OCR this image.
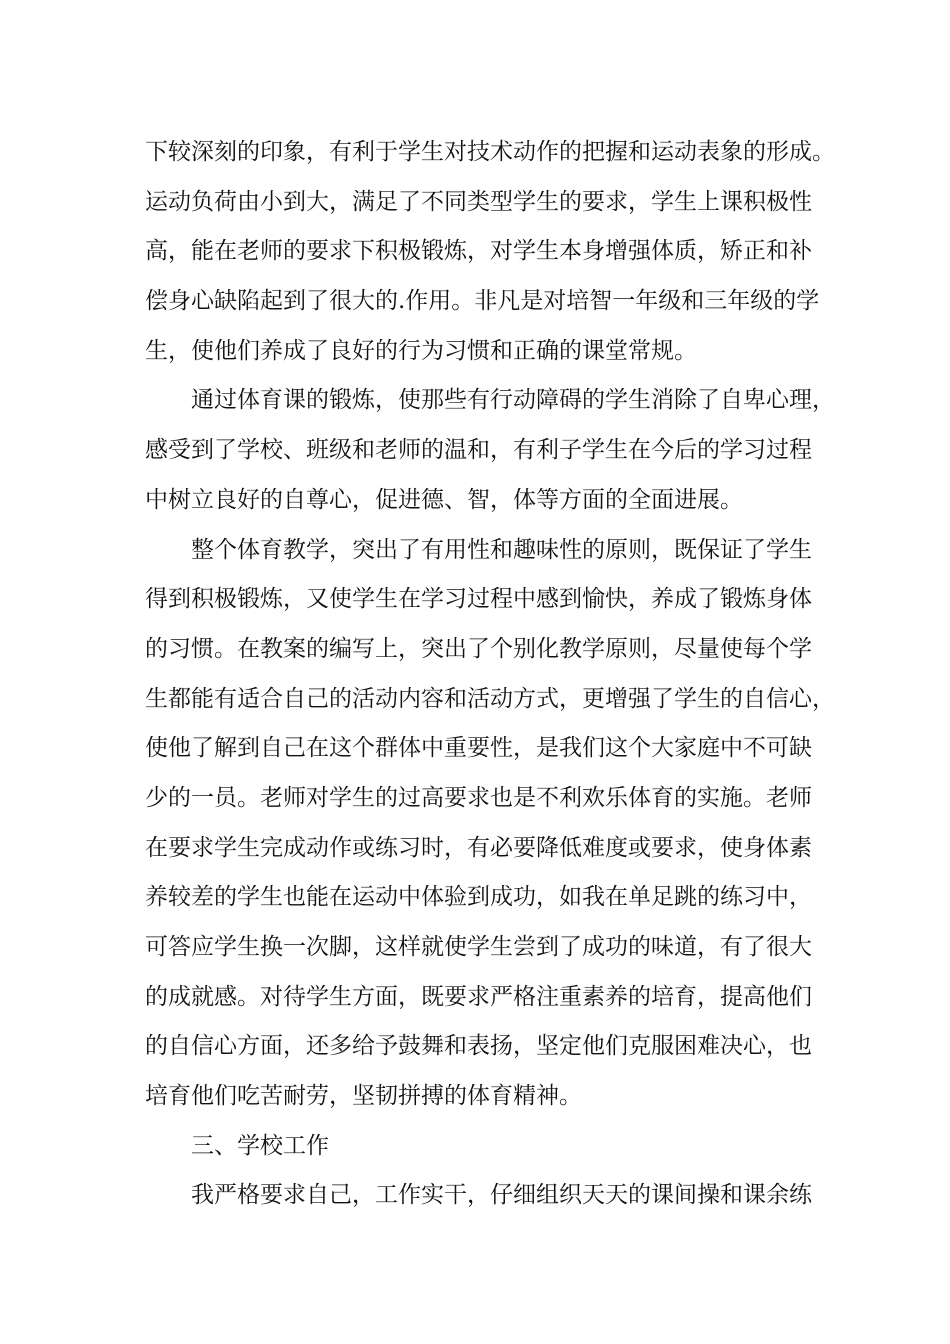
下较深刻的印象，有利于学生对技术动作的把握和运动表象的形成。
运动负荷由小到大，满足了不同类型学生的要求，学生上课积极性
高，能在老师的要求下积极锻炼，对学生本身增强体质，矫正和补
偿身心缺陷起到了很大的.作用。非凡是对培智一年级和三年级的学
生，使他们养成了良好的行为习惯和正确的课堂常规。
通过体育课的锻炼，使那些有行动障碍的学生消除了自卑心理，
感受到了学校、班级和老师的温和，有利子学生在今后的学习过程
中树立良好的自尊心，促进德、智，体等方面的全面进展。
整个体育教学，突出了有用性和趣味性的原则，既保证了学生
得到积极锻炼，又使学生在学习过程中感到愉快，养成了锻炼身体
的习惯。在教案的编写上，突出了个别化教学原则，尽量使每个学
生都能有适合自己的活动内容和活动方式，更增强了学生的自信心，
使他了解到自己在这个群体中重要性，是我们这个大家庭中不可缺
少的一员。老师对学生的过高要求也是不利欢乐体育的实施。老师
在要求学生完成动作或练习时，有必要降低难度或要求，使身体素
养较差的学生也能在运动中体验到成功，如我在单足跳的练习中，
可答应学生换一次脚，这样就使学生尝到了成功的味道，有了很大
的成就感。对待学生方面，既要求严格注重素养的培育，提高他们
的自信心方面，还多给予鼓舞和表扬，坚定他们克服困难决心，也
培育他们吃苦耐劳，坚韧拼搏的体育精神。
三、学校工作
我严格要求自己，工作实干，仔细组织天天的课间操和课余练
